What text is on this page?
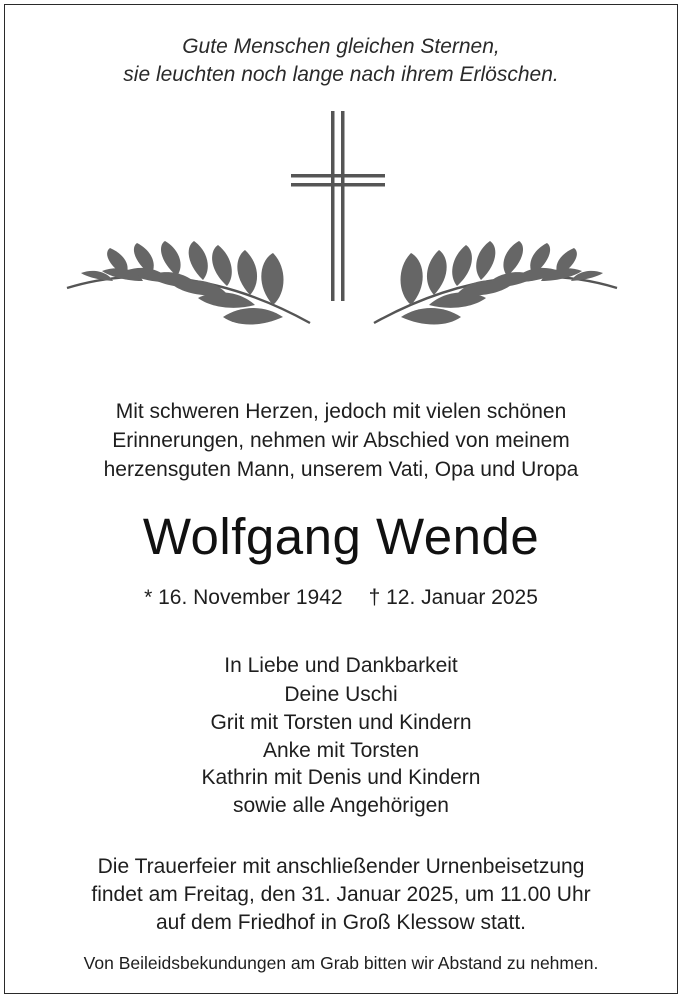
Gute Menschen gleichen Sternen,
sie leuchten noch lange nach ihrem Erlöschen.
Mit schweren Herzen, jedoch mit vielen schönen
Erinnerungen, nehmen wir Abschied von meinem
herzensguten Mann, unserem Vati, Opa und Uropa
Wolfgang Wende
* 16. November 1942 † 12. Januar 2025
In Liebe und Dankbarkeit
Deine Uschi
Grit mit Torsten und Kindern
Anke mit Torsten
Kathrin mit Denis und Kindern
sowie alle Angehörigen
Die Trauerfeier mit anschließender Urnenbeisetzung
findet am Freitag, den 31. Januar 2025, um 11.00 Uhr
auf dem Friedhof in Groß Klessow statt.
Von Beileidsbekundungen am Grab bitten wir Abstand zu nehmen.
